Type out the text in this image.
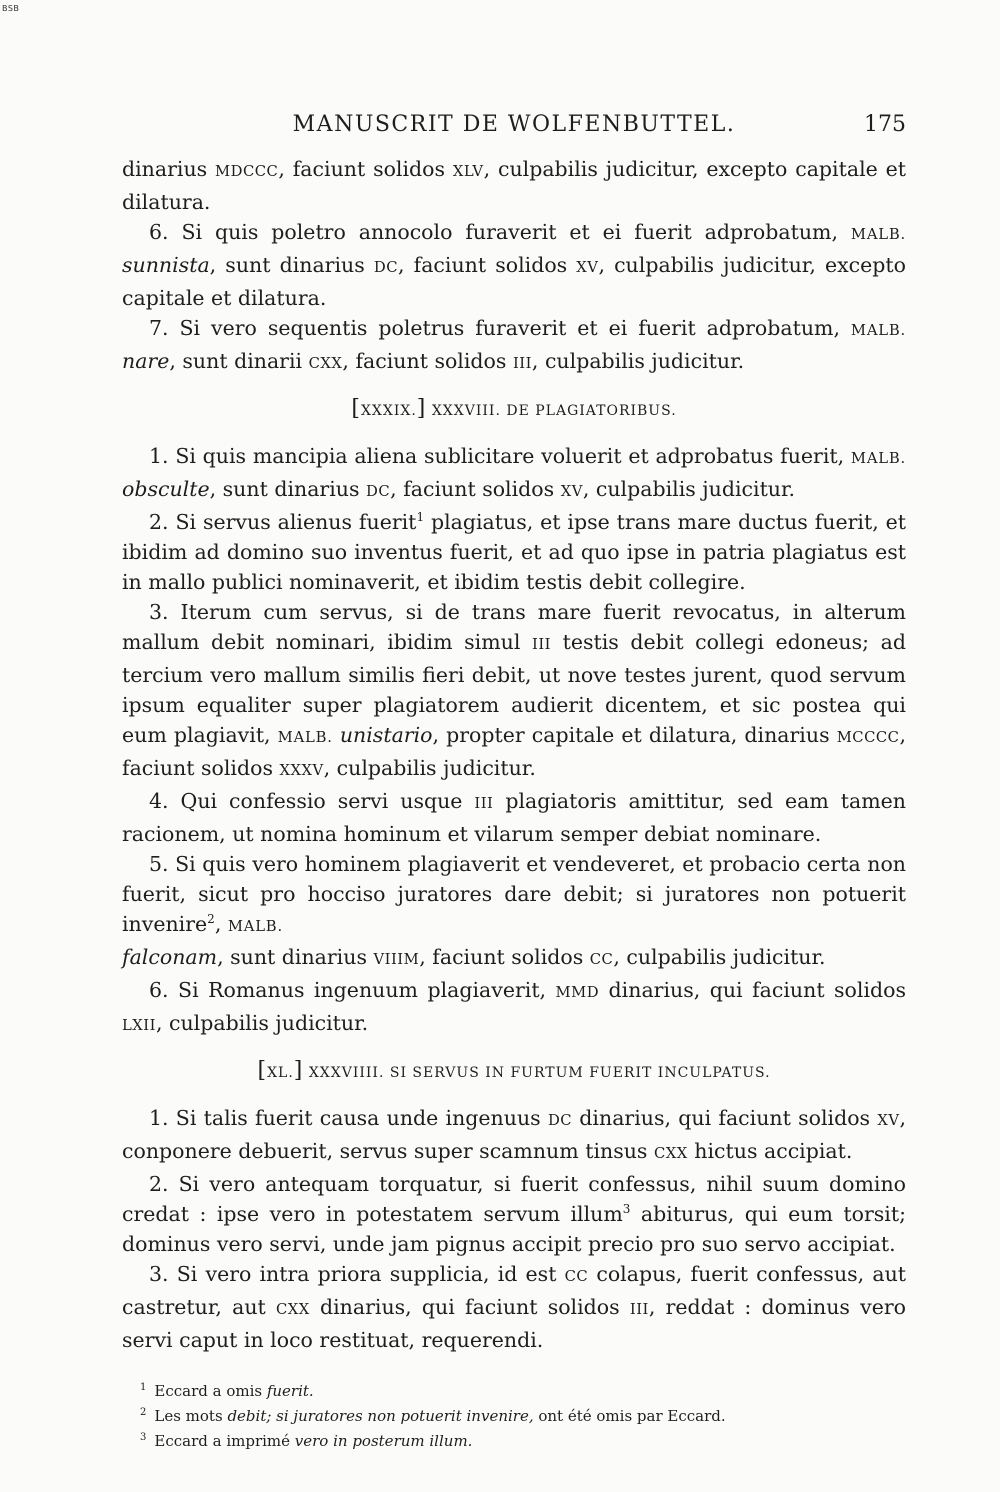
BSB
MANUSCRIT DE WOLFENBUTTEL.	175

dinarius MDCCC, faciunt solidos XLV, culpabilis judicitur, excepto capitale et dilatura.

6. Si quis poletro annocolo furaverit et ei fuerit adprobatum, MALB. sunnista, sunt dinarius DC, faciunt solidos XV, culpabilis judicitur, excepto capitale et dilatura.

7. Si vero sequentis poletrus furaverit et ei fuerit adprobatum, MALB. nare, sunt dinarii CXX, faciunt solidos III, culpabilis judicitur.

[XXXIX.] XXXVIII. DE PLAGIATORIBUS.

1. Si quis mancipia aliena sublicitare voluerit et adprobatus fuerit, MALB. obsculte, sunt dinarius DC, faciunt solidos XV, culpabilis judicitur.

2. Si servus alienus fuerit$^1$ plagiatus, et ipse trans mare ductus fuerit, et ibidim ad domino suo inventus fuerit, et ad quo ipse in patria plagiatus est in mallo publici nominaverit, et ibidim testis debit collegire.

3. Iterum cum servus, si de trans mare fuerit revocatus, in alterum mallum debit nominari, ibidim simul III testis debit collegi edoneus; ad tercium vero mallum similis fieri debit, ut nove testes jurent, quod servum ipsum equaliter super plagiatorem audierit dicentem, et sic postea qui eum plagiavit, MALB. unistario, propter capitale et dilatura, dinarius MCCCC, faciunt solidos XXXV, culpabilis judicitur.

4. Qui confessio servi usque III plagiatoris amittitur, sed eam tamen racionem, ut nomina hominum et vilarum semper debiat nominare.

5. Si quis vero hominem plagiaverit et vendeveret, et probacio certa non fuerit, sicut pro hocciso juratores dare debit; si juratores non potuerit invenire$^2$, MALB.
falconam, sunt dinarius VIIIM, faciunt solidos CC, culpabilis judicitur.

6. Si Romanus ingenuum plagiaverit, MMD dinarius, qui faciunt solidos LXII, culpabilis judicitur.

[XL.] XXXVIIII. SI SERVUS IN FURTUM FUERIT INCULPATUS.

1. Si talis fuerit causa unde ingenuus DC dinarius, qui faciunt solidos XV, conponere debuerit, servus super scamnum tinsus CXX hictus accipiat.

2. Si vero antequam torquatur, si fuerit confessus, nihil suum domino credat : ipse vero in potestatem servum illum$^3$ abiturus, qui eum torsit; dominus vero servi, unde jam pignus accipit precio pro suo servo accipiat.

3. Si vero intra priora supplicia, id est CC colapus, fuerit confessus, aut castretur, aut CXX dinarius, qui faciunt solidos III, reddat : dominus vero servi caput in loco restituat, requerendi.

$^1$ Eccard a omis fuerit.
$^2$ Les mots debit; si juratores non potuerit invenire, ont été omis par Eccard.
$^3$ Eccard a imprimé vero in posterum illum.
